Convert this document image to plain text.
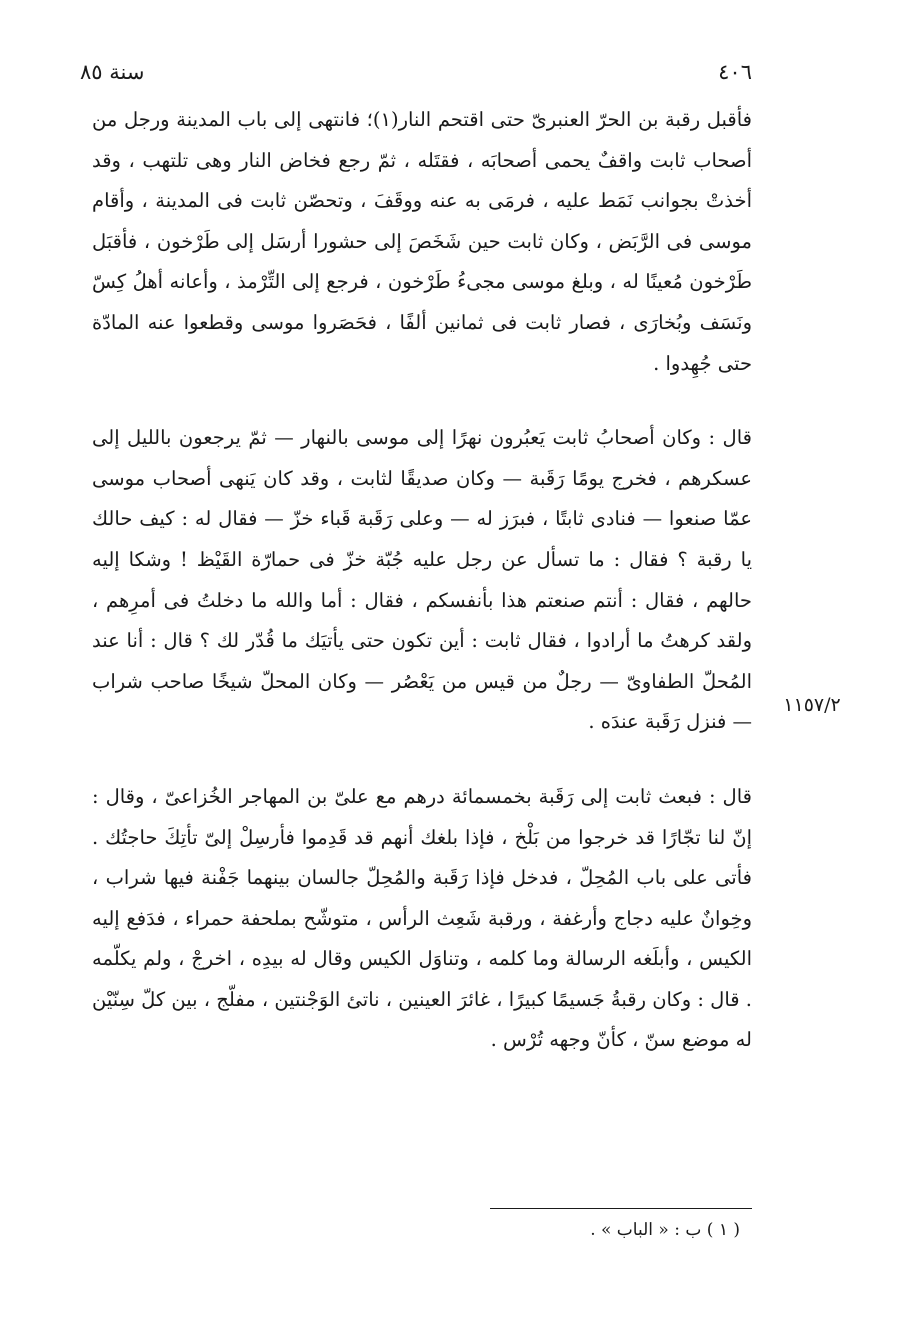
٤٠٦
سنة ٨٥

فأقبل رقبة بن الحرّ العنبرىّ حتى اقتحم النار(١)؛ فانتهى إلى باب المدينة ورجل من أصحاب ثابت واقفٌ يحمى أصحابَه ، فقتَله ، ثمّ رجع فخاض النار وهى تلتهب ، وقد أخذتْ بجوانب نَمَط عليه ، فرمَى به عنه ووقَفَ ، وتحصّن ثابت فى المدينة ، وأقام موسى فى الرَّبَض ، وكان ثابت حين شَخَصَ إلى حشورا أرسَل إلى طَرْخون ، فأقبَل طَرْخون مُعينًا له ، وبلغ موسى مجىءُ طَرْخون ، فرجع إلى التِّرْمذ ، وأعانه أهلُ كِسّ ونَسَف وبُخارَى ، فصار ثابت فى ثمانين ألفًا ، فحَصَروا موسى وقطعوا عنه المادّة حتى جُهِدوا .

قال : وكان أصحابُ ثابت يَعبُرون نهرًا إلى موسى بالنهار — ثمّ يرجعون بالليل إلى عسكرهم ، فخرج يومًا رَقَبة — وكان صديقًا لثابت ، وقد كان يَنهى أصحاب موسى عمّا صنعوا — فنادى ثابتًا ، فبرَز له — وعلى رَقَبة قَباء خزّ — فقال له : كيف حالك يا رقبة ؟ فقال : ما تسأل عن رجل عليه جُبّة خزّ فى حمارّة القَيْظ ! وشكا إليه حالهم ، فقال : أنتم صنعتم هذا بأنفسكم ، فقال : أما والله ما دخلتُ فى أمرِهم ، ولقد كرهتُ ما أرادوا ، فقال ثابت : أين تكون حتى يأتيَك ما قُدّر لك ؟ قال : أنا عند المُحلّ الطفاوىّ — رجلٌ من قيس من يَعْصُر — وكان المحلّ شيخًا صاحب شراب — فنزل رَقَبة عندَه .

قال : فبعث ثابت إلى رَقَبة بخمسمائة درهم مع علىّ بن المهاجر الخُزاعىّ ، وقال : إنّ لنا تجّارًا قد خرجوا من بَلْخ ، فإذا بلغك أنهم قد قَدِموا فأرسِلْ إلىّ تأتِكَ حاجتُك . فأتى على باب المُحِلّ ، فدخل فإذا رَقَبة والمُحِلّ جالسان بينهما جَفْنة فيها شراب ، وخِوانٌ عليه دجاج وأرغفة ، ورقبة شَعِث الرأس ، متوشّح بملحفة حمراء ، فدَفع إليه الكيس ، وأبلَغه الرسالة وما كلمه ، وتناوَل الكيس وقال له بيدِه ، اخرجْ ، ولم يكلّمه . قال : وكان رقبةُ جَسيمًا كبيرًا ، غائرَ العينين ، ناتئ الوَجْنتين ، مفلّج ، بين كلّ سِنّيْن له موضع سنّ ، كأنّ وجهه تُرْس .

١١٥٧/٢
( ١ ) ب : « الباب » .
